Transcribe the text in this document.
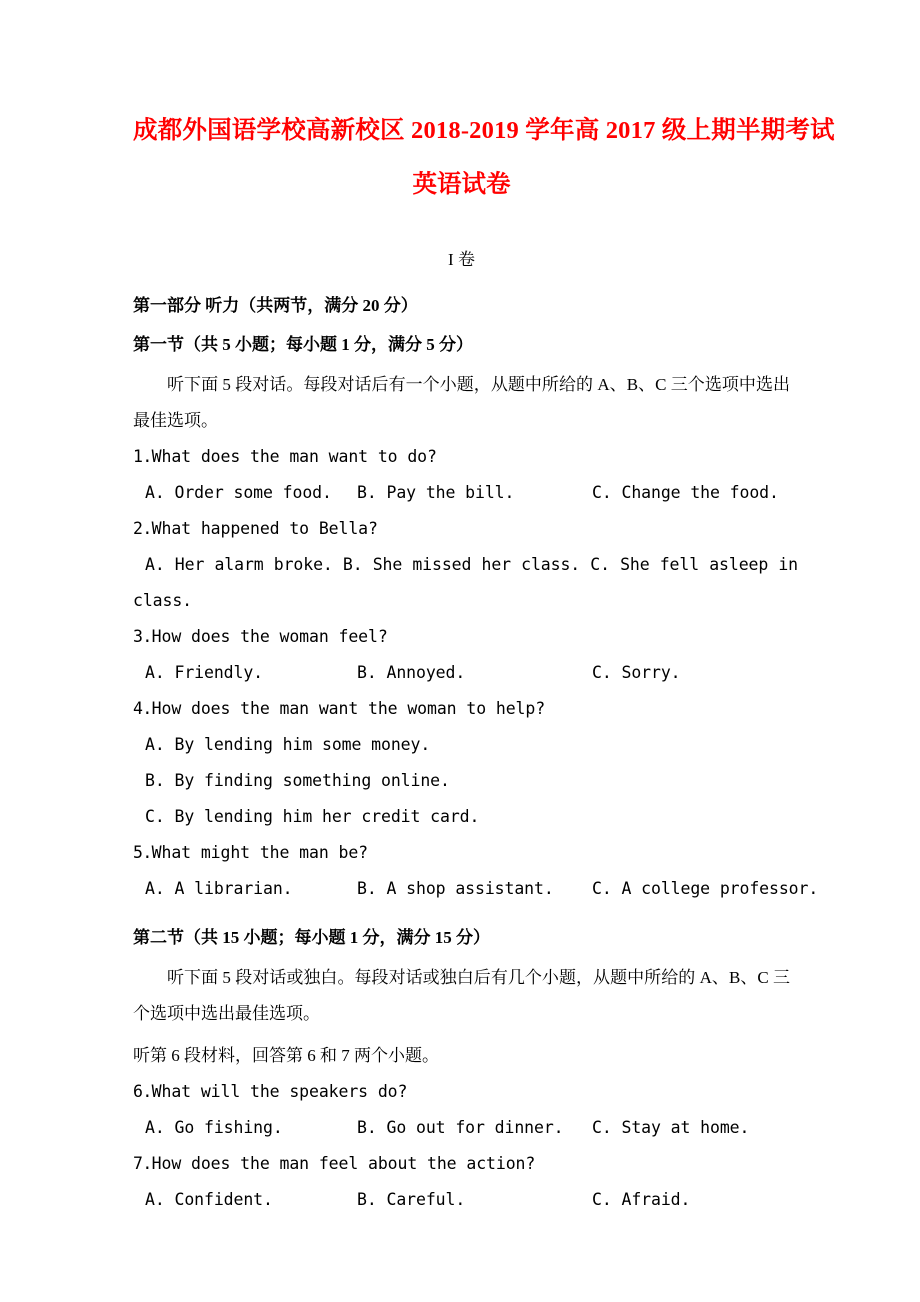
成都外国语学校高新校区 2018-2019 学年高 2017 级上期半期考试
英语试卷

I 卷

第一部分 听力（共两节，满分 20 分）

第一节（共 5 小题；每小题 1 分，满分 5 分）

听下面 5 段对话。每段对话后有一个小题，从题中所给的 A、B、C 三个选项中选出最佳选项。

1.What does the man want to do?

A. Order some food. B. Pay the bill.	C. Change the food.

2.What happened to Bella?

A. Her alarm broke. B. She missed her class. C. She fell asleep in

class.

3.How does the woman feel?

A. Friendly.	B. Annoyed.	C. Sorry.

4.How does the man want the woman to help?

A. By lending him some money.

B. By finding something online.

C. By lending him her credit card.

5.What might the man be?

A. A librarian.	B. A shop assistant. C. A college professor.

第二节（共 15 小题；每小题 1 分，满分 15 分）

听下面 5 段对话或独白。每段对话或独白后有几个小题，从题中所给的 A、B、C 三个选项中选出最佳选项。

听第 6 段材料，回答第 6 和 7 两个小题。

6.What will the speakers do?

A. Go fishing.	B. Go out for dinner. C. Stay at home.

7.How does the man feel about the action?

A. Confident.	B. Careful.	C. Afraid.
